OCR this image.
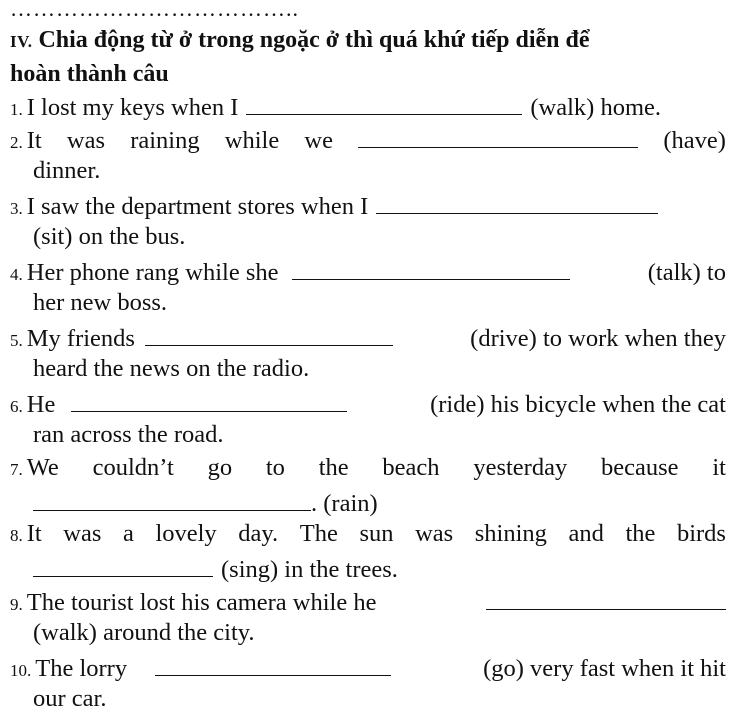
………………………………..
IV. Chia động từ ở trong ngoặc ở thì quá khứ tiếp diễn để
hoàn thành câu
1. I lost my keys when I	(walk) home.
2. It was raining while we	(have)
dinner.
3. I saw the department stores when I
(sit) on the bus.
4. Her phone rang while she	(talk) to
her new boss.
5. My friends	(drive) to work when they
heard the news on the radio.
6. He	(ride) his bicycle when the cat
ran across the road.
7. We couldn’t go to the beach yesterday because it
. (rain)
8. It was a lovely day. The sun was shining and the birds
(sing) in the trees.
9. The tourist lost his camera while he
(walk) around the city.
10. The lorry	(go) very fast when it hit
our car.
